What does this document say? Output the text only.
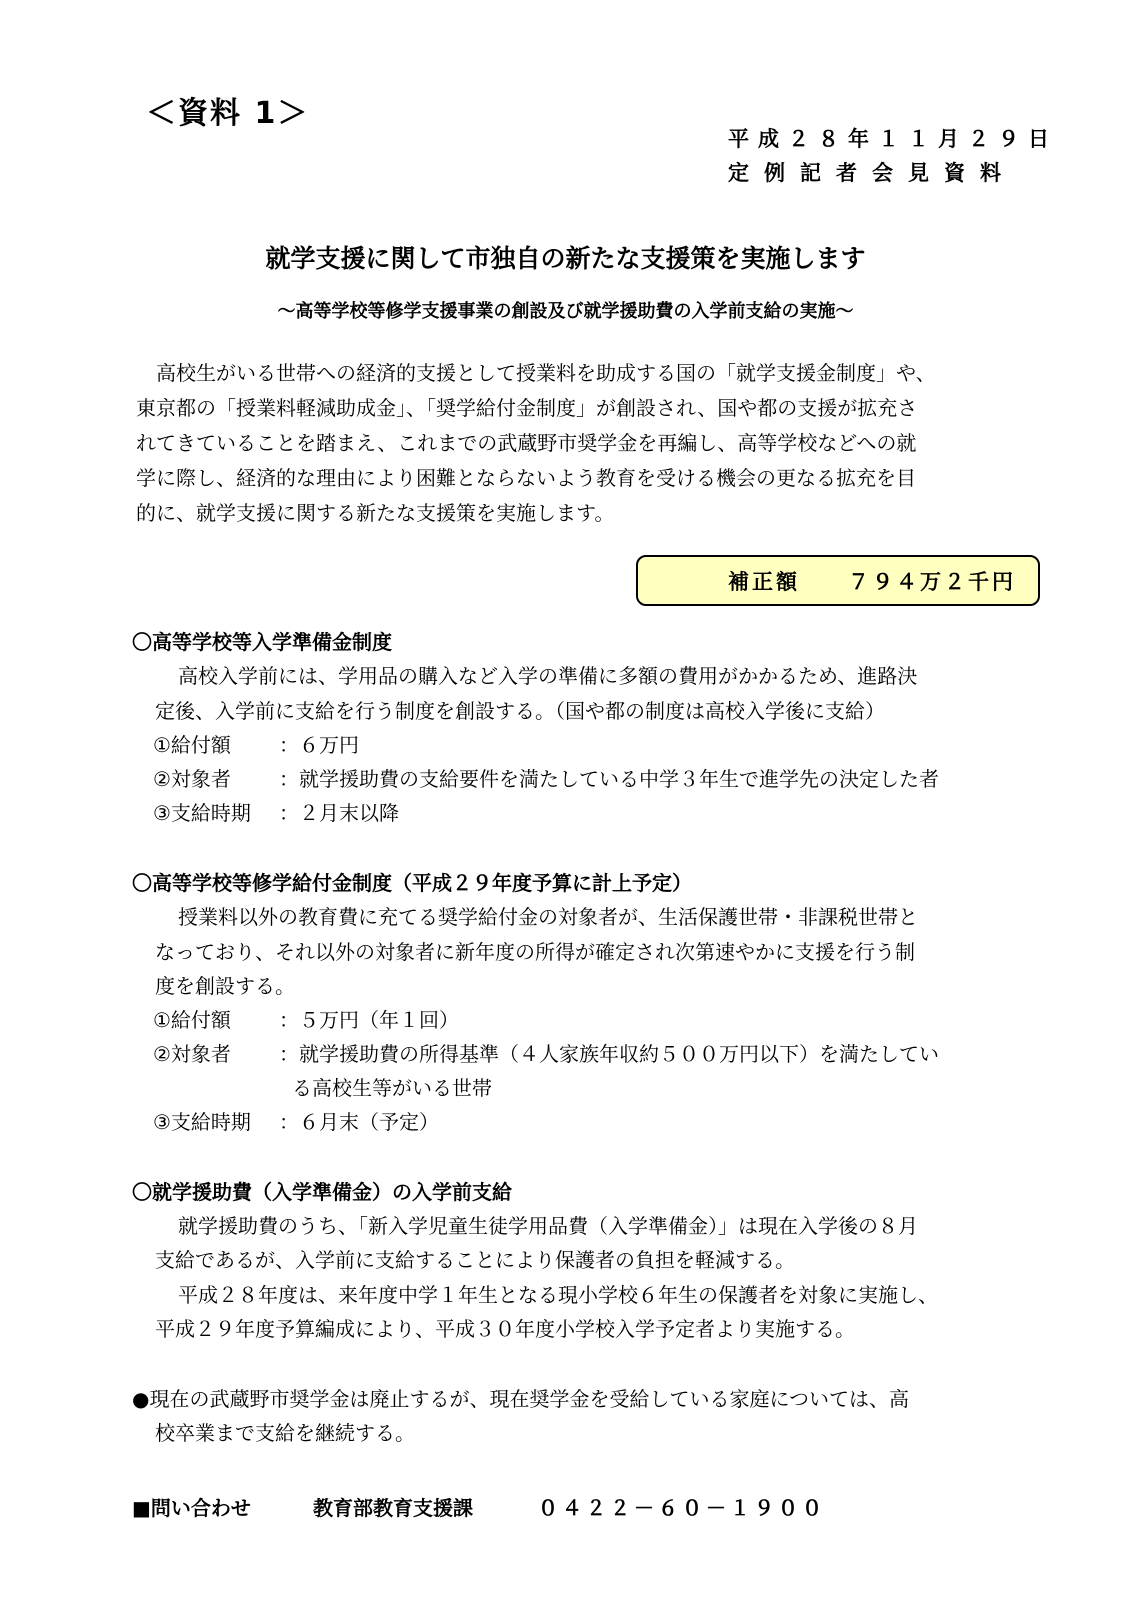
＜資料 1＞
平成２８年１１月２９日
定例記者会見資料
就学支援に関して市独自の新たな支援策を実施します
～高等学校等修学支援事業の創設及び就学援助費の入学前支給の実施～
　高校生がいる世帯への経済的支援として授業料を助成する国の「就学支援金制度」や、
東京都の「授業料軽減助成金」、「奨学給付金制度」が創設され、国や都の支援が拡充さ
れてきていることを踏まえ、これまでの武蔵野市奨学金を再編し、高等学校などへの就
学に際し、経済的な理由により困難とならないよう教育を受ける機会の更なる拡充を目
的に、就学支援に関する新たな支援策を実施します。
補正額　　 ７９４万２千円
〇高等学校等入学準備金制度
高校入学前には、学用品の購入など入学の準備に多額の費用がかかるため、進路決
定後、入学前に支給を行う制度を創設する。（国や都の制度は高校入学後に支給）
①給付額 ：６万円
②対象者 ：就学援助費の支給要件を満たしている中学３年生で進学先の決定した者
③支給時期 ：２月末以降
〇高等学校等修学給付金制度（平成２９年度予算に計上予定）
授業料以外の教育費に充てる奨学給付金の対象者が、生活保護世帯・非課税世帯と
なっており、それ以外の対象者に新年度の所得が確定され次第速やかに支援を行う制
度を創設する。
①給付額 ：５万円（年１回）
②対象者 ：就学援助費の所得基準（４人家族年収約５００万円以下）を満たしてい
る高校生等がいる世帯
③支給時期 ：６月末（予定）
〇就学援助費（入学準備金）の入学前支給
就学援助費のうち、「新入学児童生徒学用品費（入学準備金）」は現在入学後の８月
支給であるが、入学前に支給することにより保護者の負担を軽減する。
平成２８年度は、来年度中学１年生となる現小学校６年生の保護者を対象に実施し、
平成２９年度予算編成により、平成３０年度小学校入学予定者より実施する。
●現在の武蔵野市奨学金は廃止するが、現在奨学金を受給している家庭については、高
校卒業まで支給を継続する。
■問い合わせ	教育部教育支援課	０４２２－６０－１９００
